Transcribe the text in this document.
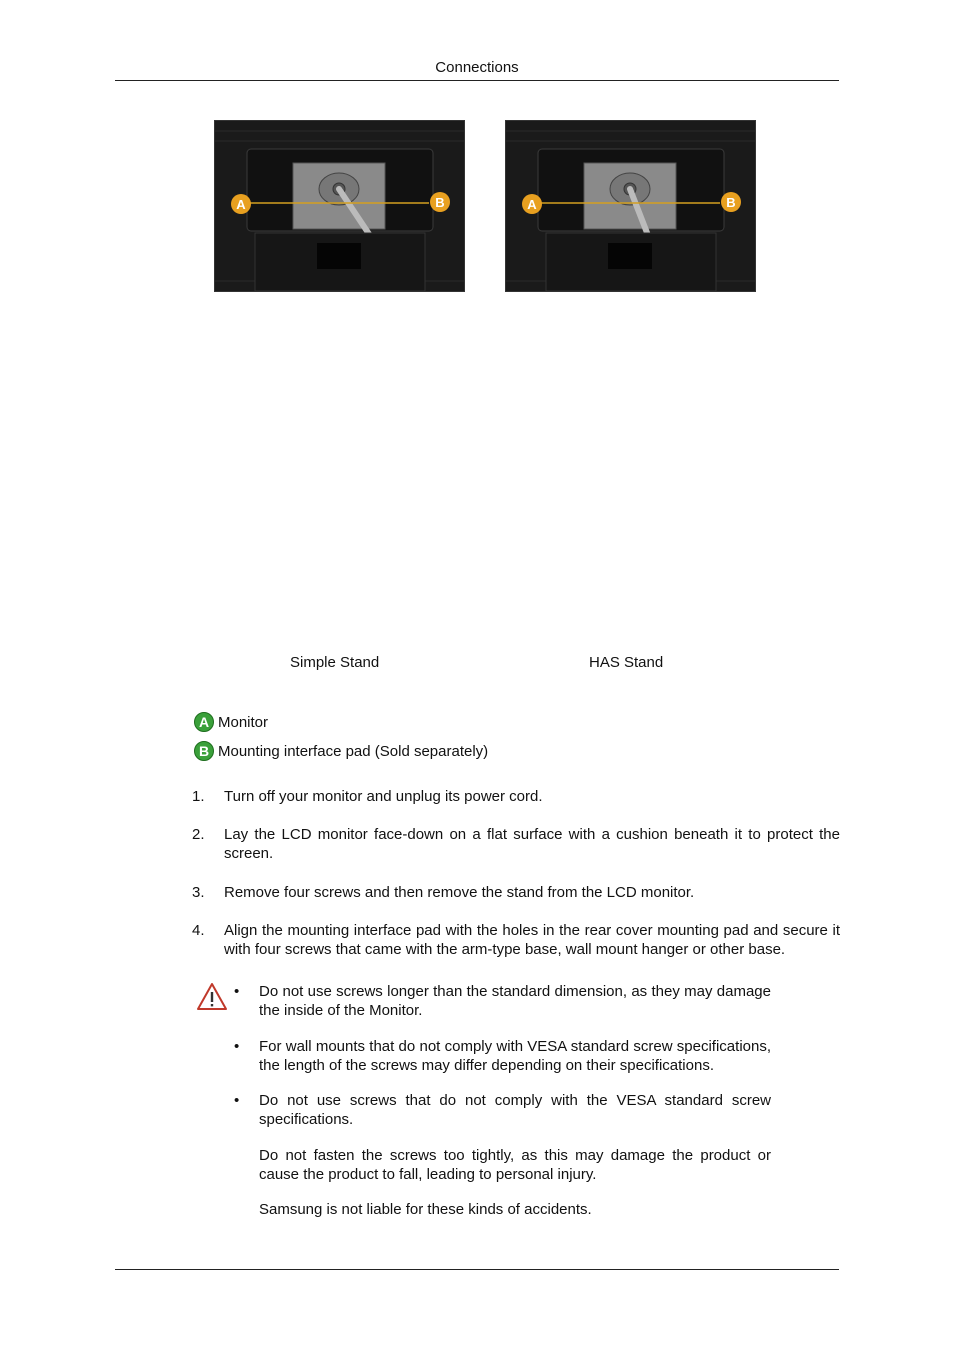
Connections
A	B	A	B
Simple Stand	HAS Stand
A Monitor
B Mounting interface pad (Sold separately)
1. Turn off your monitor and unplug its power cord.
2. Lay the LCD monitor face-down on a flat surface with a cushion beneath it to protect the screen.
3. Remove four screws and then remove the stand from the LCD monitor.
4. Align the mounting interface pad with the holes in the rear cover mounting pad and secure it with four screws that came with the arm-type base, wall mount hanger or other base.
• Do not use screws longer than the standard dimension, as they may damage the inside of the Monitor.
• For wall mounts that do not comply with VESA standard screw specifications, the length of the screws may differ depending on their specifications.
• Do not use screws that do not comply with the VESA standard screw specifications.
Do not fasten the screws too tightly, as this may damage the product or cause the product to fall, leading to personal injury.
Samsung is not liable for these kinds of accidents.
